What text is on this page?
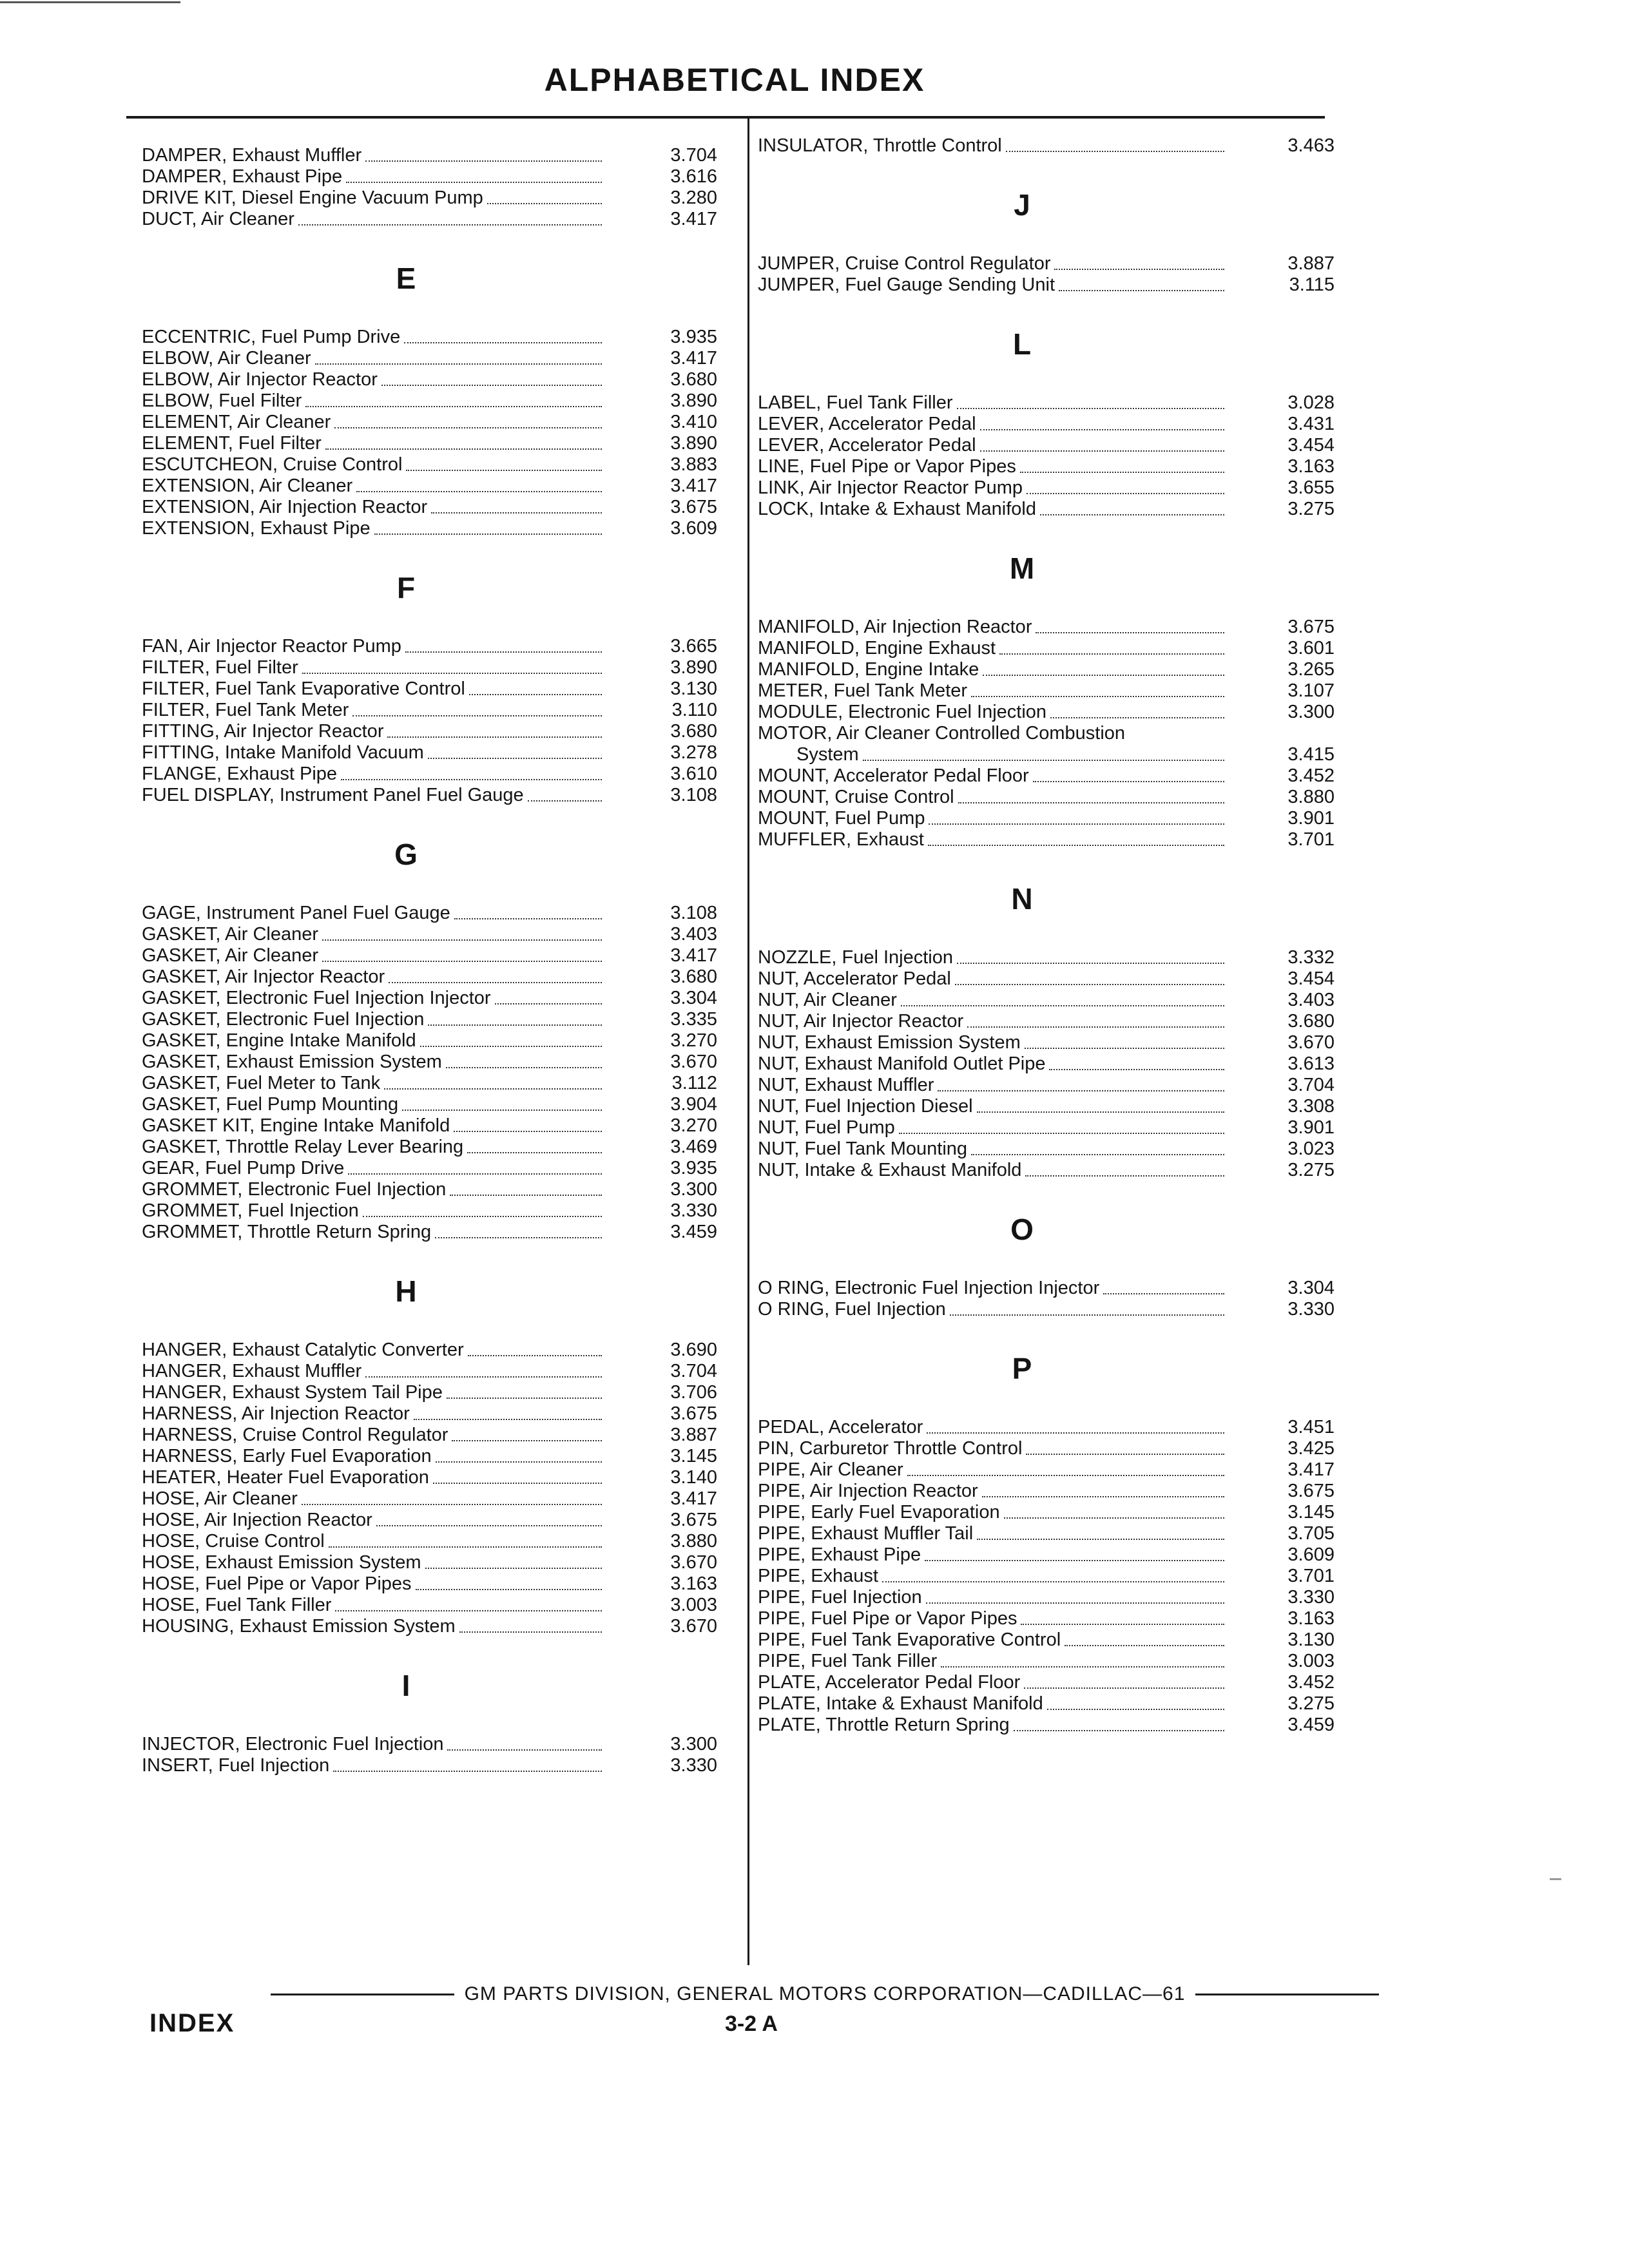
ALPHABETICAL INDEX
DAMPER, Exhaust Muffler	3.704
DAMPER, Exhaust Pipe	3.616
DRIVE KIT, Diesel Engine Vacuum Pump	3.280
DUCT, Air Cleaner	3.417
E
ECCENTRIC, Fuel Pump Drive	3.935
ELBOW, Air Cleaner	3.417
ELBOW, Air Injector Reactor	3.680
ELBOW, Fuel Filter	3.890
ELEMENT, Air Cleaner	3.410
ELEMENT, Fuel Filter	3.890
ESCUTCHEON, Cruise Control	3.883
EXTENSION, Air Cleaner	3.417
EXTENSION, Air Injection Reactor	3.675
EXTENSION, Exhaust Pipe	3.609
F
FAN, Air Injector Reactor Pump	3.665
FILTER, Fuel Filter	3.890
FILTER, Fuel Tank Evaporative Control	3.130
FILTER, Fuel Tank Meter	3.110
FITTING, Air Injector Reactor	3.680
FITTING, Intake Manifold Vacuum	3.278
FLANGE, Exhaust Pipe	3.610
FUEL DISPLAY, Instrument Panel Fuel Gauge	3.108
G
GAGE, Instrument Panel Fuel Gauge	3.108
GASKET, Air Cleaner	3.403
GASKET, Air Cleaner	3.417
GASKET, Air Injector Reactor	3.680
GASKET, Electronic Fuel Injection Injector	3.304
GASKET, Electronic Fuel Injection	3.335
GASKET, Engine Intake Manifold	3.270
GASKET, Exhaust Emission System	3.670
GASKET, Fuel Meter to Tank	3.112
GASKET, Fuel Pump Mounting	3.904
GASKET KIT, Engine Intake Manifold	3.270
GASKET, Throttle Relay Lever Bearing	3.469
GEAR, Fuel Pump Drive	3.935
GROMMET, Electronic Fuel Injection	3.300
GROMMET, Fuel Injection	3.330
GROMMET, Throttle Return Spring	3.459
H
HANGER, Exhaust Catalytic Converter	3.690
HANGER, Exhaust Muffler	3.704
HANGER, Exhaust System Tail Pipe	3.706
HARNESS, Air Injection Reactor	3.675
HARNESS, Cruise Control Regulator	3.887
HARNESS, Early Fuel Evaporation	3.145
HEATER, Heater Fuel Evaporation	3.140
HOSE, Air Cleaner	3.417
HOSE, Air Injection Reactor	3.675
HOSE, Cruise Control	3.880
HOSE, Exhaust Emission System	3.670
HOSE, Fuel Pipe or Vapor Pipes	3.163
HOSE, Fuel Tank Filler	3.003
HOUSING, Exhaust Emission System	3.670
I
INJECTOR, Electronic Fuel Injection	3.300
INSERT, Fuel Injection	3.330
INSULATOR, Throttle Control	3.463
J
JUMPER, Cruise Control Regulator	3.887
JUMPER, Fuel Gauge Sending Unit	3.115
L
LABEL, Fuel Tank Filler	3.028
LEVER, Accelerator Pedal	3.431
LEVER, Accelerator Pedal	3.454
LINE, Fuel Pipe or Vapor Pipes	3.163
LINK, Air Injector Reactor Pump	3.655
LOCK, Intake & Exhaust Manifold	3.275
M
MANIFOLD, Air Injection Reactor	3.675
MANIFOLD, Engine Exhaust	3.601
MANIFOLD, Engine Intake	3.265
METER, Fuel Tank Meter	3.107
MODULE, Electronic Fuel Injection	3.300
MOTOR, Air Cleaner Controlled Combustion
System	3.415
MOUNT, Accelerator Pedal Floor	3.452
MOUNT, Cruise Control	3.880
MOUNT, Fuel Pump	3.901
MUFFLER, Exhaust	3.701
N
NOZZLE, Fuel Injection	3.332
NUT, Accelerator Pedal	3.454
NUT, Air Cleaner	3.403
NUT, Air Injector Reactor	3.680
NUT, Exhaust Emission System	3.670
NUT, Exhaust Manifold Outlet Pipe	3.613
NUT, Exhaust Muffler	3.704
NUT, Fuel Injection Diesel	3.308
NUT, Fuel Pump	3.901
NUT, Fuel Tank Mounting	3.023
NUT, Intake & Exhaust Manifold	3.275
O
O RING, Electronic Fuel Injection Injector	3.304
O RING, Fuel Injection	3.330
P
PEDAL, Accelerator	3.451
PIN, Carburetor Throttle Control	3.425
PIPE, Air Cleaner	3.417
PIPE, Air Injection Reactor	3.675
PIPE, Early Fuel Evaporation	3.145
PIPE, Exhaust Muffler Tail	3.705
PIPE, Exhaust Pipe	3.609
PIPE, Exhaust	3.701
PIPE, Fuel Injection	3.330
PIPE, Fuel Pipe or Vapor Pipes	3.163
PIPE, Fuel Tank Evaporative Control	3.130
PIPE, Fuel Tank Filler	3.003
PLATE, Accelerator Pedal Floor	3.452
PLATE, Intake & Exhaust Manifold	3.275
PLATE, Throttle Return Spring	3.459
GM PARTS DIVISION, GENERAL MOTORS CORPORATION—CADILLAC—61
INDEX	3-2 A
